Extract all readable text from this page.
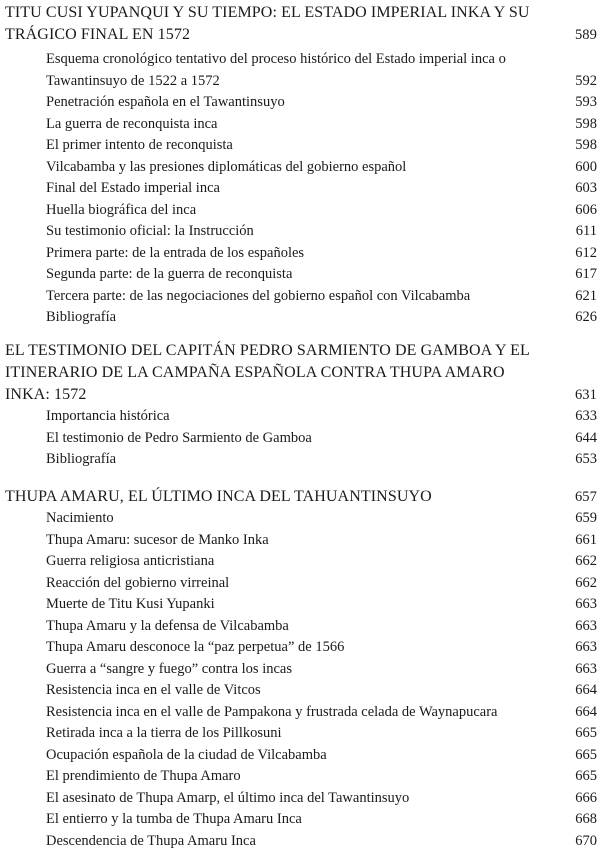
TITU CUSI YUPANQUI Y SU TIEMPO: EL ESTADO IMPERIAL INKA Y SU TRÁGICO FINAL EN 1572	589
Esquema cronológico tentativo del proceso histórico del Estado imperial inca o Tawantinsuyo de 1522 a 1572	592
Penetración española en el Tawantinsuyo	593
La guerra de reconquista inca	598
El primer intento de reconquista	598
Vilcabamba y las presiones diplomáticas del gobierno español	600
Final del Estado imperial inca	603
Huella biográfica del inca	606
Su testimonio oficial: la Instrucción	611
Primera parte: de la entrada de los españoles	612
Segunda parte: de la guerra de reconquista	617
Tercera parte: de las negociaciones del gobierno español con Vilcabamba	621
Bibliografía	626
EL TESTIMONIO DEL CAPITÁN PEDRO SARMIENTO DE GAMBOA Y EL ITINERARIO DE LA CAMPAÑA ESPAÑOLA CONTRA THUPA AMARO INKA: 1572	631
Importancia histórica	633
El testimonio de Pedro Sarmiento de Gamboa	644
Bibliografía	653
THUPA AMARU, EL ÚLTIMO INCA DEL TAHUANTINSUYO	657
Nacimiento	659
Thupa Amaru: sucesor de Manko Inka	661
Guerra religiosa anticristiana	662
Reacción del gobierno virreinal	662
Muerte de Titu Kusi Yupanki	663
Thupa Amaru y la defensa de Vilcabamba	663
Thupa Amaru desconoce la “paz perpetua” de 1566	663
Guerra a “sangre y fuego” contra los incas	663
Resistencia inca en el valle de Vitcos	664
Resistencia inca en el valle de Pampakona y frustrada celada de Waynapucara	664
Retirada inca a la tierra de los Pillkosuni	665
Ocupación española de la ciudad de Vilcabamba	665
El prendimiento de Thupa Amaro	665
El asesinato de Thupa Amarp, el último inca del Tawantinsuyo	666
El entierro y la tumba de Thupa Amaru Inca	668
Descendencia de Thupa Amaru Inca	670
